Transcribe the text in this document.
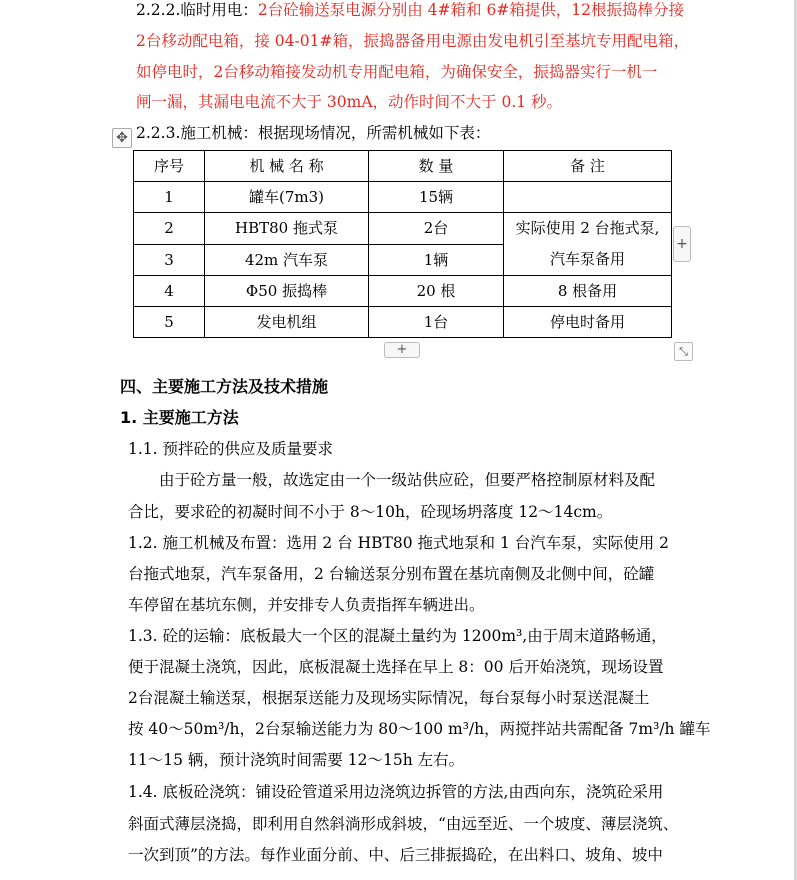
2.2.2.临时用电：2台砼输送泵电源分别由 4#箱和 6#箱提供，12根振捣棒分接
2台移动配电箱，接 04-01#箱，振捣器备用电源由发电机引至基坑专用配电箱，
如停电时，2台移动箱接发动机专用配电箱，为确保安全，振捣器实行一机一
闸一漏，其漏电电流不大于 30mA，动作时间不大于 0.1 秒。
✥ 2.2.3.施工机械：根据现场情况，所需机械如下表：
序号	机 械 名 称	数 量	备 注
1	罐车(7m3)	15辆	
2	HBT80 拖式泵	2台	实际使用 2 台拖式泵,
汽车泵备用

3	42m 汽车泵	1辆	
4	Φ50 振捣棒	20 根	8 根备用
5	发电机组	1台	停电时备用
+
+	⤡
四、主要施工方法及技术措施
1. 主要施工方法
1.1. 预拌砼的供应及质量要求
由于砼方量一般，故选定由一个一级站供应砼，但要严格控制原材料及配
合比，要求砼的初凝时间不小于 8～10h，砼现场坍落度 12～14cm。
1.2. 施工机械及布置：选用 2 台 HBT80 拖式地泵和 1 台汽车泵，实际使用 2
台拖式地泵，汽车泵备用，2 台输送泵分别布置在基坑南侧及北侧中间，砼罐
车停留在基坑东侧，并安排专人负责指挥车辆进出。
1.3. 砼的运输：底板最大一个区的混凝土量约为 1200m³,由于周末道路畅通，
便于混凝土浇筑，因此，底板混凝土选择在早上 8：00 后开始浇筑，现场设置
2台混凝土输送泵，根据泵送能力及现场实际情况，每台泵每小时泵送混凝土
按 40～50m³/h，2台泵输送能力为 80～100 m³/h，两搅拌站共需配备 7m³/h 罐车
11～15 辆，预计浇筑时间需要 12～15h 左右。
1.4. 底板砼浇筑：铺设砼管道采用边浇筑边拆管的方法,由西向东，浇筑砼采用
斜面式薄层浇捣，即利用自然斜淌形成斜坡，“由远至近、一个坡度、薄层浇筑、
一次到顶”的方法。每作业面分前、中、后三排振捣砼，在出料口、坡角、坡中
